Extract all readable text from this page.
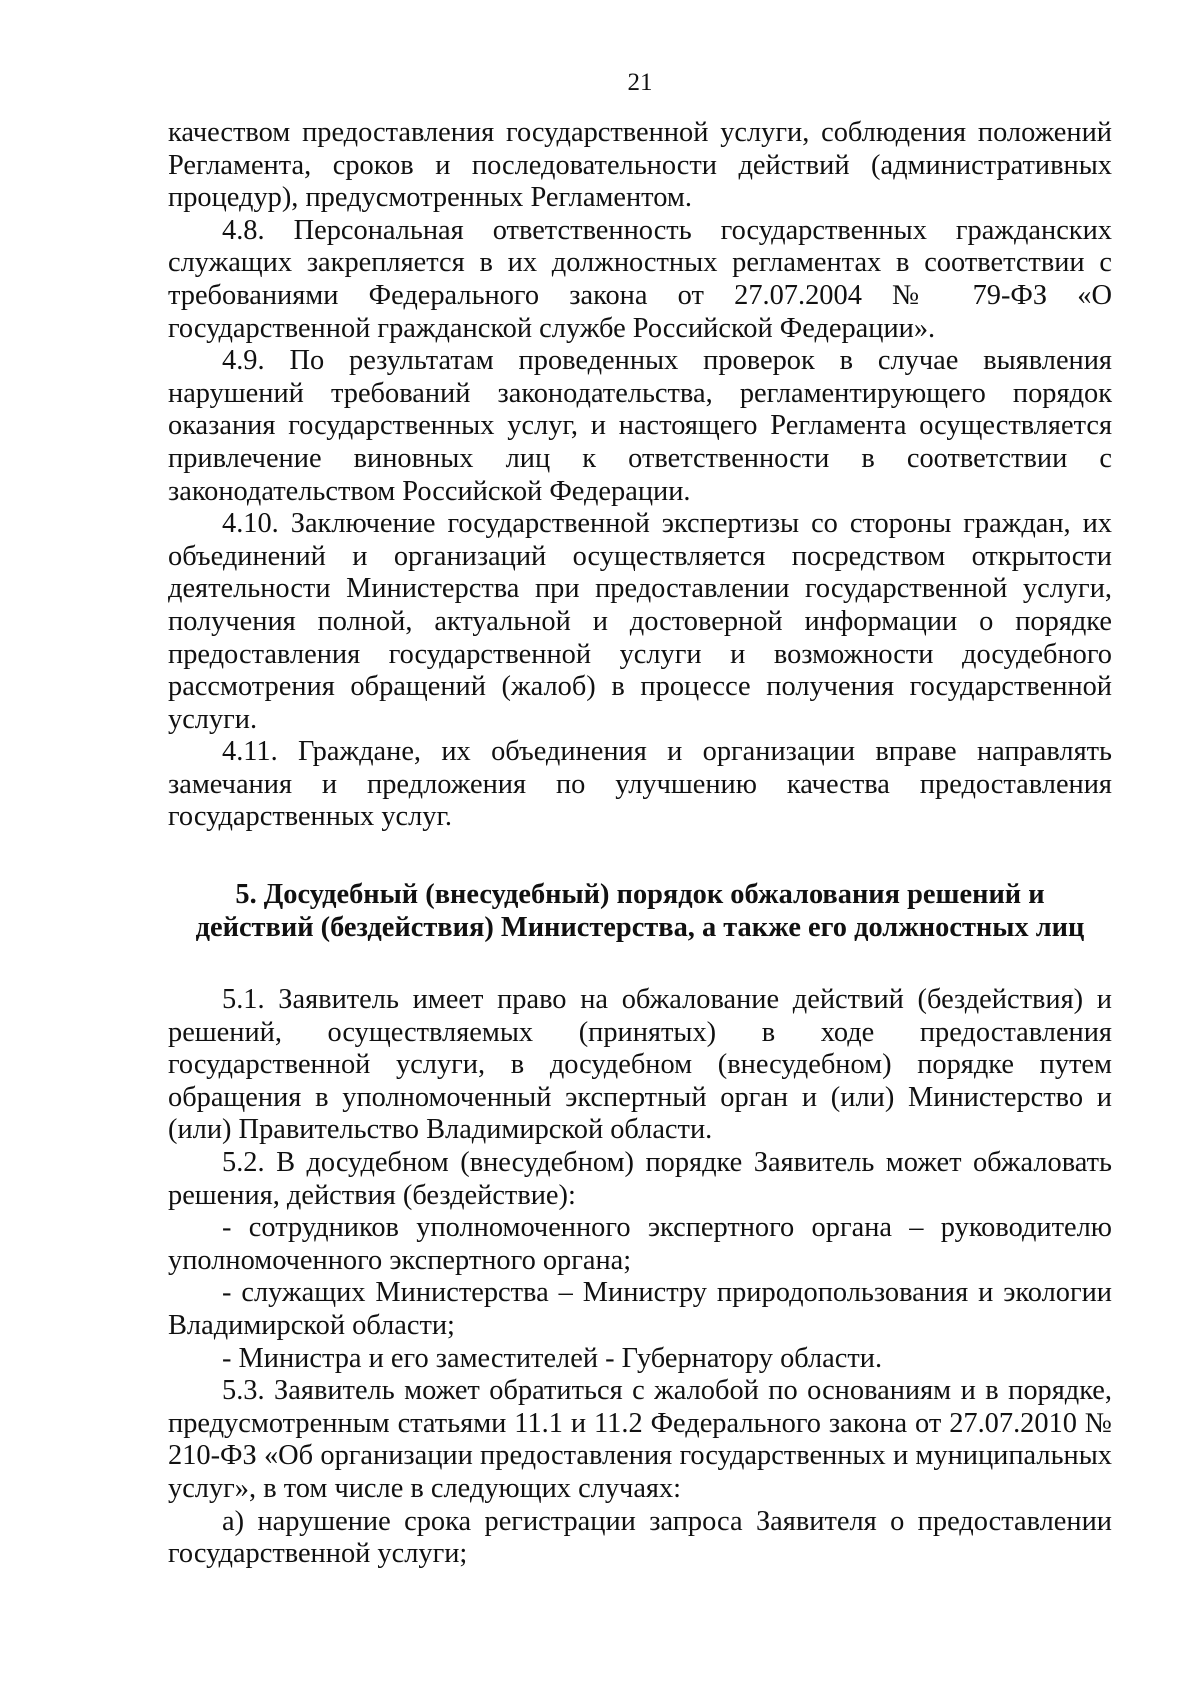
21

качеством предоставления государственной услуги, соблюдения положений Регламента, сроков и последовательности действий (административных процедур), предусмотренных Регламентом.

4.8. Персональная ответственность государственных гражданских служащих закрепляется в их должностных регламентах в соответствии с требованиями Федерального закона от 27.07.2004 № 79-ФЗ «О государственной гражданской службе Российской Федерации».

4.9. По результатам проведенных проверок в случае выявления нарушений требований законодательства, регламентирующего порядок оказания государственных услуг, и настоящего Регламента осуществляется привлечение виновных лиц к ответственности в соответствии с законодательством Российской Федерации.

4.10. Заключение государственной экспертизы со стороны граждан, их объединений и организаций осуществляется посредством открытости деятельности Министерства при предоставлении государственной услуги, получения полной, актуальной и достоверной информации о порядке предоставления государственной услуги и возможности досудебного рассмотрения обращений (жалоб) в процессе получения государственной услуги.

4.11. Граждане, их объединения и организации вправе направлять замечания и предложения по улучшению качества предоставления государственных услуг.

5. Досудебный (внесудебный) порядок обжалования решений и
действий (бездействия) Министерства, а также его должностных лиц

5.1. Заявитель имеет право на обжалование действий (бездействия) и решений, осуществляемых (принятых) в ходе предоставления государственной услуги, в досудебном (внесудебном) порядке путем обращения в уполномоченный экспертный орган и (или) Министерство и (или) Правительство Владимирской области.

5.2. В досудебном (внесудебном) порядке Заявитель может обжаловать решения, действия (бездействие):

- сотрудников уполномоченного экспертного органа – руководителю уполномоченного экспертного органа;

- служащих Министерства – Министру природопользования и экологии Владимирской области;

- Министра и его заместителей - Губернатору области.

5.3. Заявитель может обратиться с жалобой по основаниям и в порядке, предусмотренным статьями 11.1 и 11.2 Федерального закона от 27.07.2010 № 210-ФЗ «Об организации предоставления государственных и муниципальных услуг», в том числе в следующих случаях:

а) нарушение срока регистрации запроса Заявителя о предоставлении государственной услуги;
